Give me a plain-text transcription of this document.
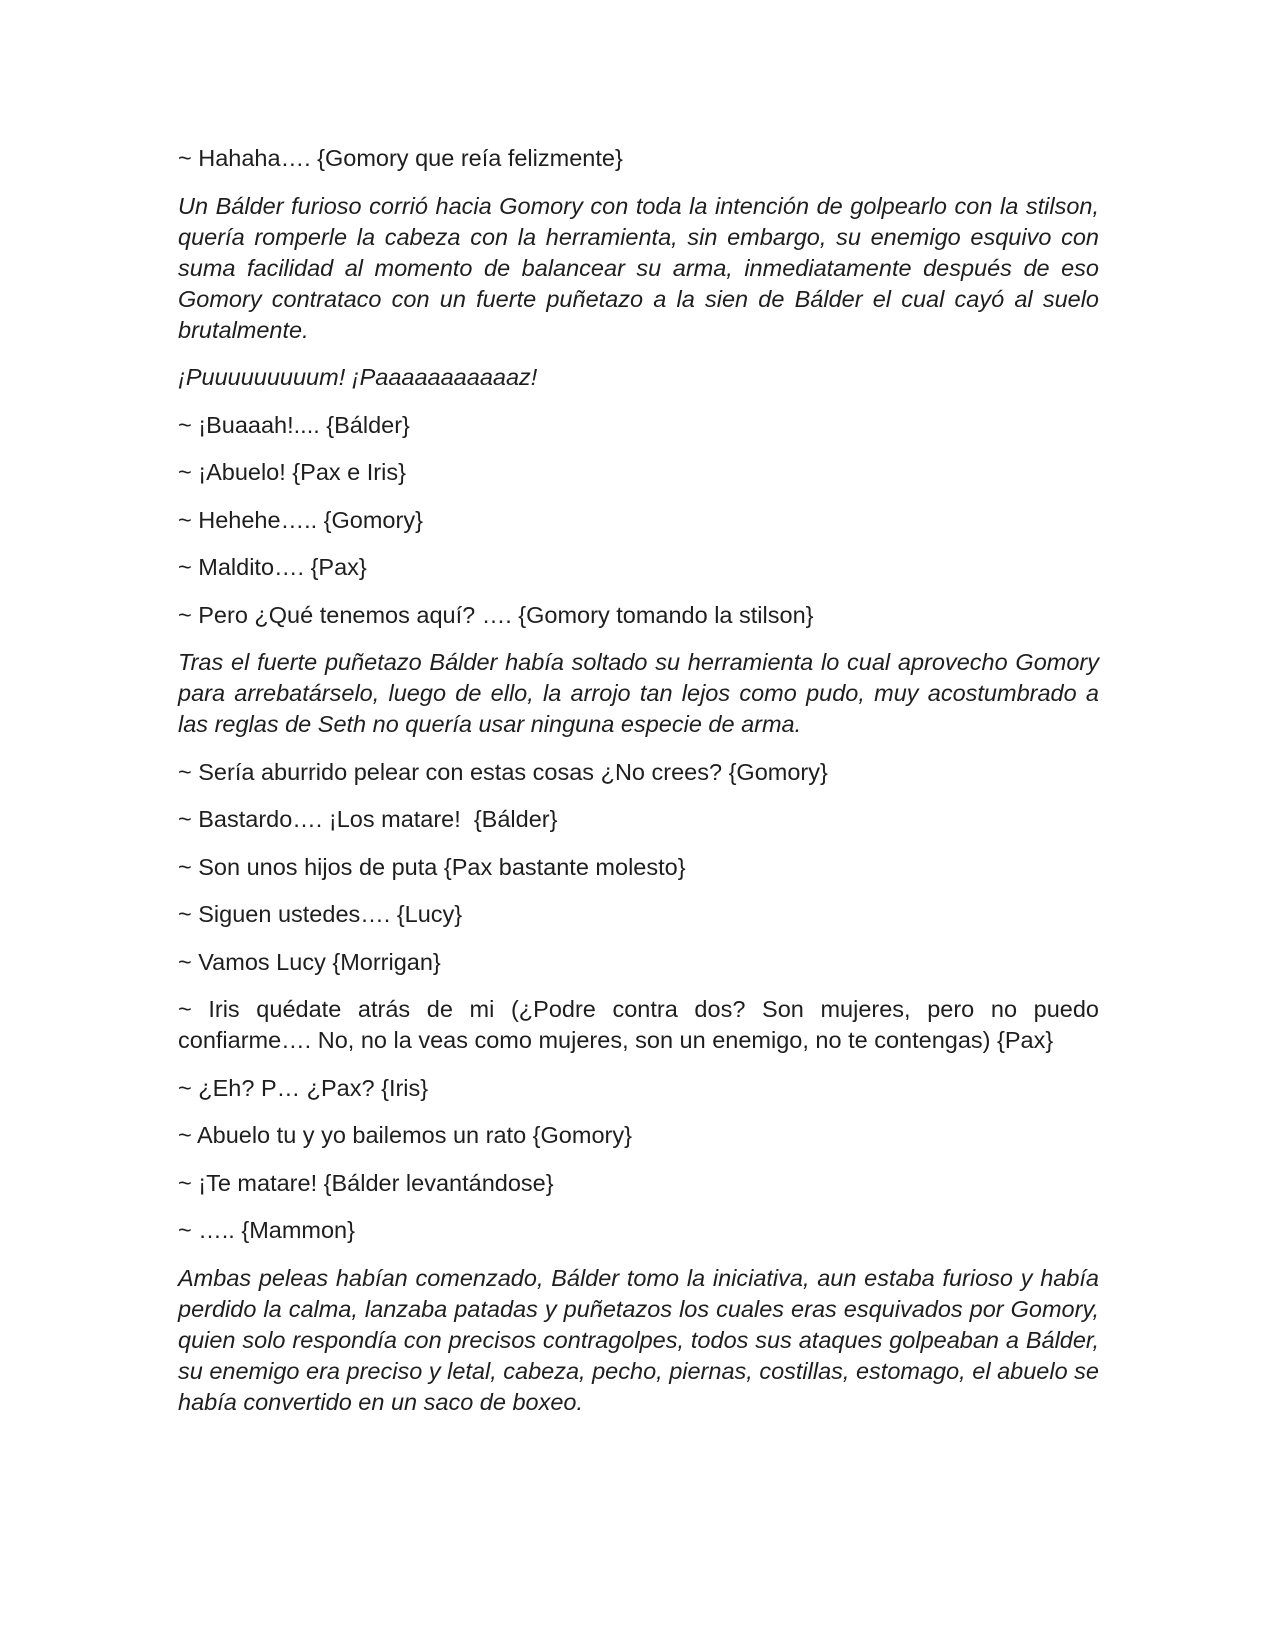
~ Hahaha…. {Gomory que reía felizmente}

Un Bálder furioso corrió hacia Gomory con toda la intención de golpearlo con la stilson, quería romperle la cabeza con la herramienta, sin embargo, su enemigo esquivo con suma facilidad al momento de balancear su arma, inmediatamente después de eso Gomory contrataco con un fuerte puñetazo a la sien de Bálder el cual cayó al suelo brutalmente.

¡Puuuuuuuuum! ¡Paaaaaaaaaaaz!

~ ¡Buaaah!.... {Bálder}

~ ¡Abuelo! {Pax e Iris}

~ Hehehe….. {Gomory}

~ Maldito…. {Pax}

~ Pero ¿Qué tenemos aquí? …. {Gomory tomando la stilson}

Tras el fuerte puñetazo Bálder había soltado su herramienta lo cual aprovecho Gomory para arrebatárselo, luego de ello, la arrojo tan lejos como pudo, muy acostumbrado a las reglas de Seth no quería usar ninguna especie de arma.

~ Sería aburrido pelear con estas cosas ¿No crees? {Gomory}

~ Bastardo…. ¡Los matare!  {Bálder}

~ Son unos hijos de puta {Pax bastante molesto}

~ Siguen ustedes…. {Lucy}

~ Vamos Lucy {Morrigan}

~ Iris quédate atrás de mi (¿Podre contra dos? Son mujeres, pero no puedo confiarme…. No, no la veas como mujeres, son un enemigo, no te contengas) {Pax}

~ ¿Eh? P… ¿Pax? {Iris}

~ Abuelo tu y yo bailemos un rato {Gomory}

~ ¡Te matare! {Bálder levantándose}

~ ….. {Mammon}

Ambas peleas habían comenzado, Bálder tomo la iniciativa, aun estaba furioso y había perdido la calma, lanzaba patadas y puñetazos los cuales eras esquivados por Gomory, quien solo respondía con precisos contragolpes, todos sus ataques golpeaban a Bálder, su enemigo era preciso y letal, cabeza, pecho, piernas, costillas, estomago, el abuelo se había convertido en un saco de boxeo.
